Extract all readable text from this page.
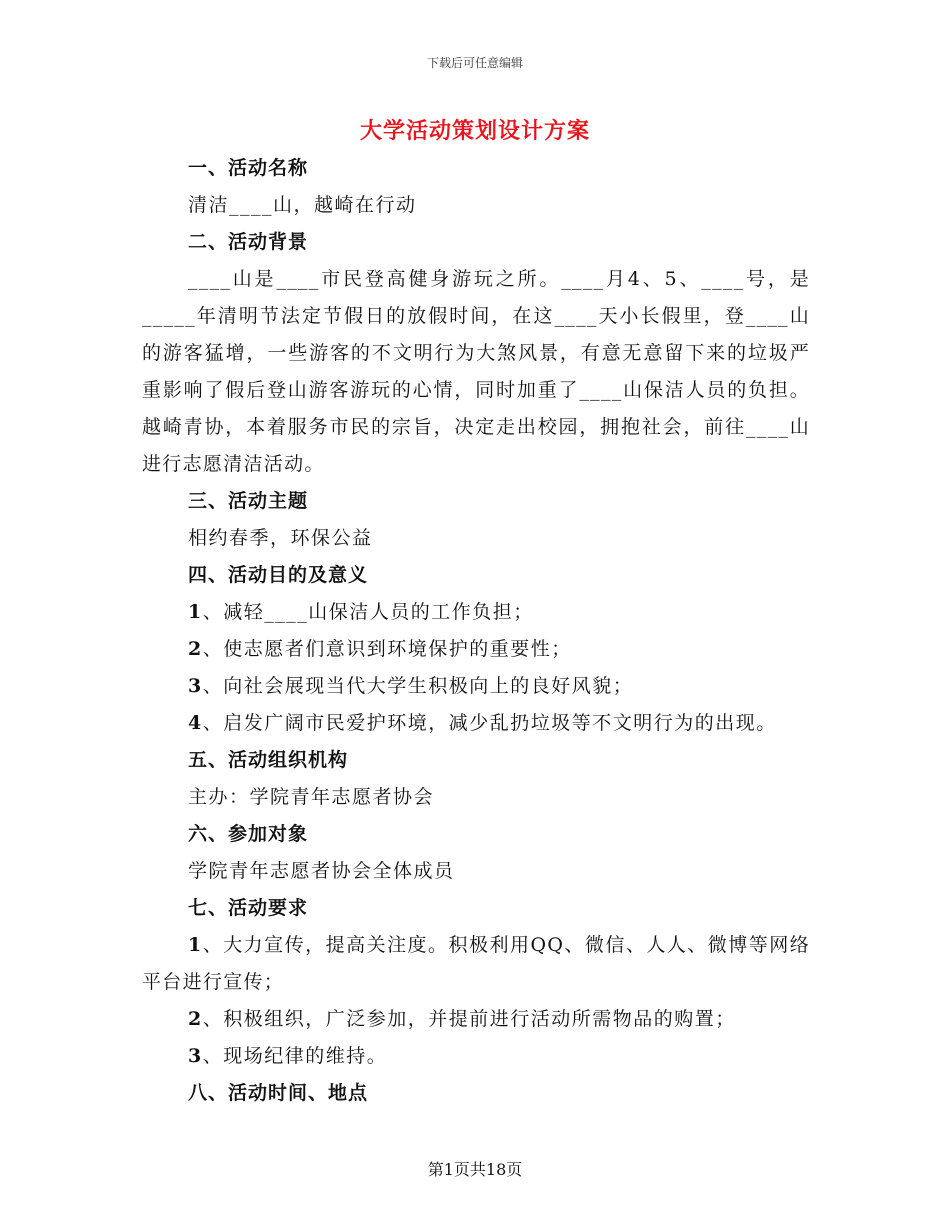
下载后可任意编辑
大学活动策划设计方案
一、活动名称
清洁____山，越崎在行动
二、活动背景

____山是____市民登高健身游玩之所。____月4、5、____号，是_____年清明节法定节假日的放假时间，在这____天小长假里，登____山的游客猛增，一些游客的不文明行为大煞风景，有意无意留下来的垃圾严重影响了假后登山游客游玩的心情，同时加重了____山保洁人员的负担。越崎青协，本着服务市民的宗旨，决定走出校园，拥抱社会，前往____山进行志愿清洁活动。

三、活动主题
相约春季，环保公益
四、活动目的及意义
1、减轻____山保洁人员的工作负担；
2、使志愿者们意识到环境保护的重要性；
3、向社会展现当代大学生积极向上的良好风貌；
4、启发广阔市民爱护环境，减少乱扔垃圾等不文明行为的出现。
五、活动组织机构
主办：学院青年志愿者协会
六、参加对象
学院青年志愿者协会全体成员
七、活动要求

1、大力宣传，提高关注度。积极利用QQ、微信、人人、微博等网络平台进行宣传；

2、积极组织，广泛参加，并提前进行活动所需物品的购置；
3、现场纪律的维持。
八、活动时间、地点
第1页共18页
